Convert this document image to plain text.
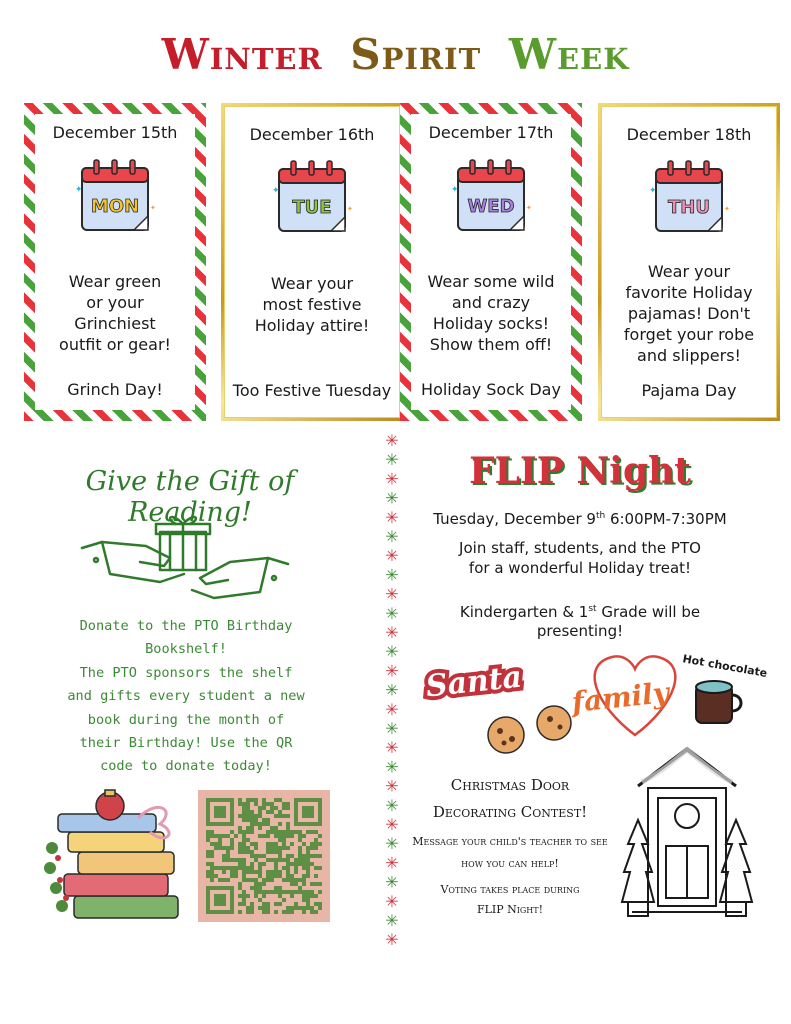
Winter Spirit Week
December 15th
MON
✦
✦
Wear green
or your
Grinchiest
outfit or gear!
Grinch Day!
December 16th
TUE
✦
✦
Wear your
most festive
Holiday attire!
Too Festive Tuesday
December 17th
WED
✦
✦
Wear some wild
and crazy
Holiday socks!
Show them off!
Holiday Sock Day
December 18th
THU
✦
✦
Wear your
favorite Holiday
pajamas! Don't
forget your robe
and slippers!
Pajama Day
✳
✳
✳
✳
✳
✳
✳
✳
✳
✳
✳
✳
✳
✳
✳
✳
✳
✳
✳
✳
✳
✳
✳
✳
✳
✳
✳
Give the Gift of Reading!
Donate to the PTO Birthday
Bookshelf!
The PTO sponsors the shelf
and gifts every student a new
book during the month of
their Birthday! Use the QR
code to donate today!
FLIP Night
Tuesday, December 9th 6:00PM-7:30PM
Join staff, students, and the PTO
for a wonderful Holiday treat!
Kindergarten & 1st Grade will be
presenting!
Santa family
Hot chocolate
Christmas Door
Decorating Contest!
Message your child's teacher to see
how you can help!
Voting takes place during
FLIP Night!
